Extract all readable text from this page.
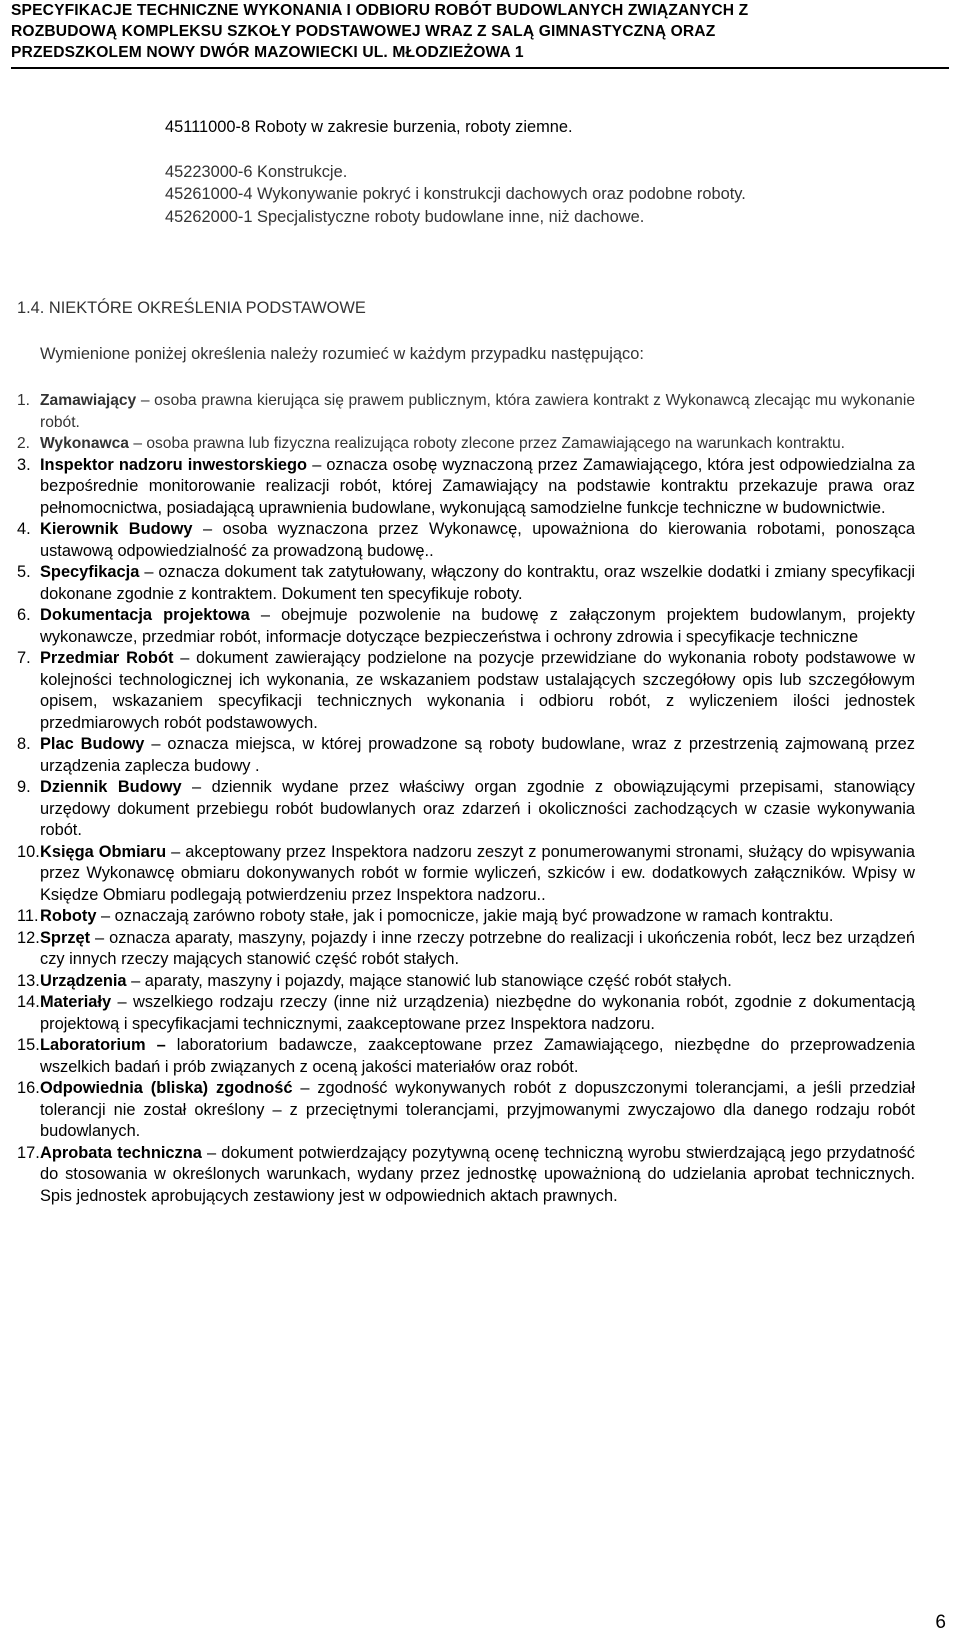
SPECYFIKACJE TECHNICZNE WYKONANIA I ODBIORU ROBÓT BUDOWLANYCH ZWIĄZANYCH Z

ROZBUDOWĄ KOMPLEKSU SZKOŁY PODSTAWOWEJ WRAZ Z SALĄ GIMNASTYCZNĄ ORAZ

PRZEDSZKOLEM NOWY DWÓR MAZOWIECKI UL. MŁODZIEŻOWA 1

45111000-8 Roboty w zakresie burzenia, roboty ziemne.

45223000-6 Konstrukcje.

45261000-4 Wykonywanie pokryć i konstrukcji dachowych oraz podobne roboty.

45262000-1 Specjalistyczne roboty budowlane inne, niż dachowe.

1.4. NIEKTÓRE OKREŚLENIA PODSTAWOWE

Wymienione poniżej określenia należy rozumieć w każdym przypadku następująco:

1. Zamawiający – osoba prawna kierująca się prawem publicznym, która zawiera kontrakt z Wykonawcą zlecając mu wykonanie robót.
2. Wykonawca – osoba prawna lub fizyczna realizująca roboty zlecone przez Zamawiającego na warunkach kontraktu.
3. Inspektor nadzoru inwestorskiego – oznacza osobę wyznaczoną przez Zamawiającego, która jest odpowiedzialna za bezpośrednie monitorowanie realizacji robót, której Zamawiający na podstawie kontraktu przekazuje prawa oraz pełnomocnictwa, posiadającą uprawnienia budowlane, wykonującą samodzielne funkcje techniczne w budownictwie.
4. Kierownik Budowy – osoba wyznaczona przez Wykonawcę, upoważniona do kierowania robotami, ponosząca ustawową odpowiedzialność za prowadzoną budowę..
5. Specyfikacja – oznacza dokument tak zatytułowany, włączony do kontraktu, oraz wszelkie dodatki i zmiany specyfikacji dokonane zgodnie z kontraktem. Dokument ten specyfikuje roboty.
6. Dokumentacja projektowa – obejmuje pozwolenie na budowę z załączonym projektem budowlanym, projekty wykonawcze, przedmiar robót, informacje dotyczące bezpieczeństwa i ochrony zdrowia i specyfikacje techniczne
7. Przedmiar Robót – dokument zawierający podzielone na pozycje przewidziane do wykonania roboty podstawowe w kolejności technologicznej ich wykonania, ze wskazaniem podstaw ustalających szczegółowy opis lub szczegółowym opisem, wskazaniem specyfikacji technicznych wykonania i odbioru robót, z wyliczeniem ilości jednostek przedmiarowych robót podstawowych.
8. Plac Budowy – oznacza miejsca, w której prowadzone są roboty budowlane, wraz z przestrzenią zajmowaną przez urządzenia zaplecza budowy .
9. Dziennik Budowy – dziennik wydane przez właściwy organ zgodnie z obowiązującymi przepisami, stanowiący urzędowy dokument przebiegu robót budowlanych oraz zdarzeń i okoliczności zachodzących w czasie wykonywania robót.
10. Księga Obmiaru – akceptowany przez Inspektora nadzoru zeszyt z ponumerowanymi stronami, służący do wpisywania przez Wykonawcę obmiaru dokonywanych robót w formie wyliczeń, szkiców i ew. dodatkowych załączników. Wpisy w Księdze Obmiaru podlegają potwierdzeniu przez Inspektora nadzoru..
11. Roboty – oznaczają zarówno roboty stałe, jak i pomocnicze, jakie mają być prowadzone w ramach kontraktu.
12. Sprzęt – oznacza aparaty, maszyny, pojazdy i inne rzeczy potrzebne do realizacji i ukończenia robót, lecz bez urządzeń czy innych rzeczy mających stanowić część robót stałych.
13. Urządzenia – aparaty, maszyny i pojazdy, mające stanowić lub stanowiące część robót stałych.
14. Materiały – wszelkiego rodzaju rzeczy (inne niż urządzenia) niezbędne do wykonania robót, zgodnie z dokumentacją projektową i specyfikacjami technicznymi, zaakceptowane przez Inspektora nadzoru.
15. Laboratorium – laboratorium badawcze, zaakceptowane przez Zamawiającego, niezbędne do przeprowadzenia wszelkich badań i prób związanych z oceną jakości materiałów oraz robót.
16. Odpowiednia (bliska) zgodność – zgodność wykonywanych robót z dopuszczonymi tolerancjami, a jeśli przedział tolerancji nie został określony – z przeciętnymi tolerancjami, przyjmowanymi zwyczajowo dla danego rodzaju robót budowlanych.
17. Aprobata techniczna – dokument potwierdzający pozytywną ocenę techniczną wyrobu stwierdzającą jego przydatność do stosowania w określonych warunkach, wydany przez jednostkę upoważnioną do udzielania aprobat technicznych. Spis jednostek aprobujących zestawiony jest w odpowiednich aktach prawnych.
6
